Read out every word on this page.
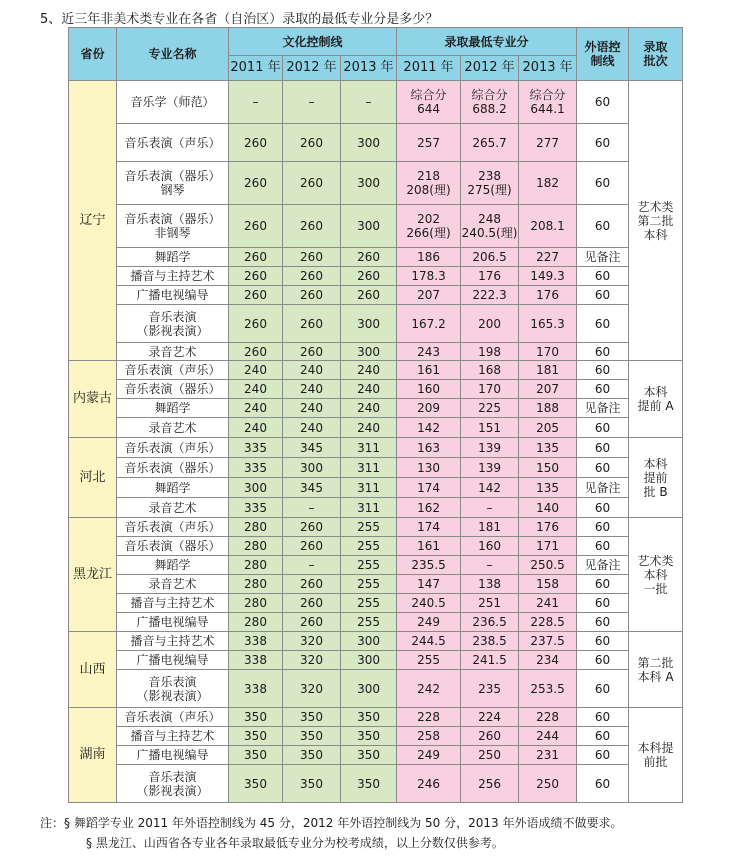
5、近三年非美术类专业在各省（自治区）录取的最低专业分是多少？
省份	专业名称	文化控制线			录取最低专业分			外语控
制线	录取
批次
		2011 年	2012 年	2013 年	2011 年	2012 年	2013 年		
辽宁	音乐学（师范）	–	–	–	综合分
644	综合分
688.2	综合分
644.1	60	艺术类
第二批
本科
	音乐表演（声乐）	260	260	300	257	265.7	277	60	
	音乐表演（器乐）
钢琴	260	260	300	218
208(理)	238
275(理)	182	60	
	音乐表演（器乐）
非钢琴	260	260	300	202
266(理)	248
240.5(理)	208.1	60	
	舞蹈学	260	260	260	186	206.5	227	见备注	
	播音与主持艺术	260	260	260	178.3	176	149.3	60	
	广播电视编导	260	260	260	207	222.3	176	60	
	音乐表演
（影视表演）	260	260	300	167.2	200	165.3	60	
	录音艺术	260	260	300	243	198	170	60	
内蒙古	音乐表演（声乐）	240	240	240	161	168	181	60	本科
提前 A
	音乐表演（器乐）	240	240	240	160	170	207	60	
	舞蹈学	240	240	240	209	225	188	见备注	
	录音艺术	240	240	240	142	151	205	60	
河北	音乐表演（声乐）	335	345	311	163	139	135	60	本科
提前
批 B
	音乐表演（器乐）	335	300	311	130	139	150	60	
	舞蹈学	300	345	311	174	142	135	见备注	
	录音艺术	335	–	311	162	–	140	60	
黑龙江	音乐表演（声乐）	280	260	255	174	181	176	60	艺术类
本科
一批
	音乐表演（器乐）	280	260	255	161	160	171	60	
	舞蹈学	280	–	255	235.5	–	250.5	见备注	
	录音艺术	280	260	255	147	138	158	60	
	播音与主持艺术	280	260	255	240.5	251	241	60	
	广播电视编导	280	260	255	249	236.5	228.5	60	
山西	播音与主持艺术	338	320	300	244.5	238.5	237.5	60	第二批
本科 A
	广播电视编导	338	320	300	255	241.5	234	60	
	音乐表演
（影视表演）	338	320	300	242	235	253.5	60	
湖南	音乐表演（声乐）	350	350	350	228	224	228	60	本科提
前批
	播音与主持艺术	350	350	350	258	260	244	60	
	广播电视编导	350	350	350	249	250	231	60	
	音乐表演
（影视表演）	350	350	350	246	256	250	60	
注：§ 舞蹈学专业 2011 年外语控制线为 45 分，2012 年外语控制线为 50 分，2013 年外语成绩不做要求。
§ 黑龙江、山西省各专业各年录取最低专业分为校考成绩，以上分数仅供参考。
